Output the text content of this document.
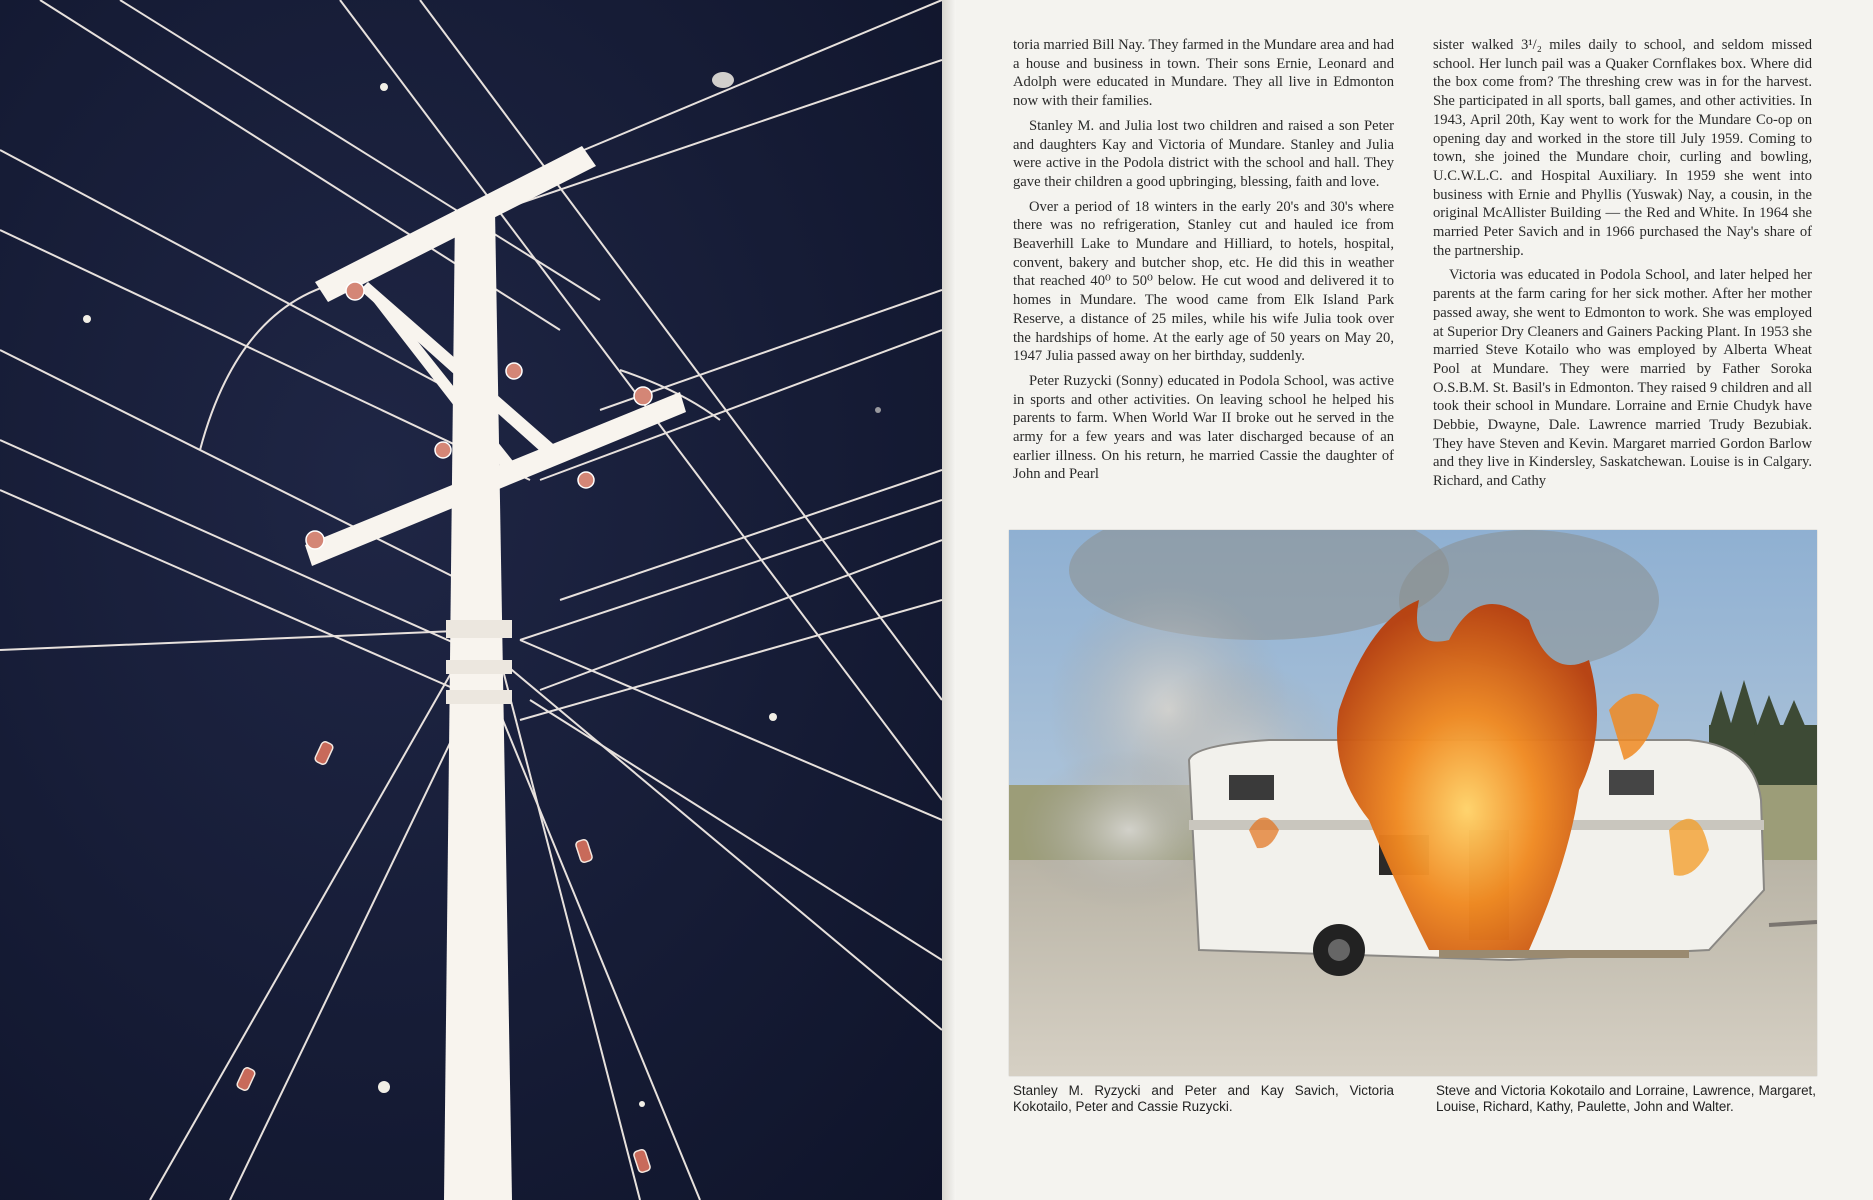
toria married Bill Nay. They farmed in the Mundare area and had a house and business in town. Their sons Ernie, Leonard and Adolph were educated in Mundare. They all live in Edmonton now with their families.

Stanley M. and Julia lost two children and raised a son Peter and daughters Kay and Victoria of Mundare. Stanley and Julia were active in the Podola district with the school and hall. They gave their children a good upbringing, blessing, faith and love.

Over a period of 18 winters in the early 20's and 30's where there was no refrigeration, Stanley cut and hauled ice from Beaverhill Lake to Mundare and Hilliard, to hotels, hospital, convent, bakery and butcher shop, etc. He did this in weather that reached 40⁰ to 50⁰ below. He cut wood and delivered it to homes in Mundare. The wood came from Elk Island Park Reserve, a distance of 25 miles, while his wife Julia took over the hardships of home. At the early age of 50 years on May 20, 1947 Julia passed away on her birthday, suddenly.

Peter Ruzycki (Sonny) educated in Podola School, was active in sports and other activities. On leaving school he helped his parents to farm. When World War II broke out he served in the army for a few years and was later discharged because of an earlier illness. On his return, he married Cassie the daughter of John and Pearl

sister walked 3¹/₂ miles daily to school, and seldom missed school. Her lunch pail was a Quaker Cornflakes box. Where did the box come from? The threshing crew was in for the harvest. She participated in all sports, ball games, and other activities. In 1943, April 20th, Kay went to work for the Mundare Co-op on opening day and worked in the store till July 1959. Coming to town, she joined the Mundare choir, curling and bowling, U.C.W.L.C. and Hospital Auxiliary. In 1959 she went into business with Ernie and Phyllis (Yuswak) Nay, a cousin, in the original McAllister Building — the Red and White. In 1964 she married Peter Savich and in 1966 purchased the Nay's share of the partnership.

Victoria was educated in Podola School, and later helped her parents at the farm caring for her sick mother. After her mother passed away, she went to Edmonton to work. She was employed at Superior Dry Cleaners and Gainers Packing Plant. In 1953 she married Steve Kotailo who was employed by Alberta Wheat Pool at Mundare. They were married by Father Soroka O.S.B.M. St. Basil's in Edmonton. They raised 9 children and all took their school in Mundare. Lorraine and Ernie Chudyk have Debbie, Dwayne, Dale. Lawrence married Trudy Bezubiak. They have Steven and Kevin. Margaret married Gordon Barlow and they live in Kindersley, Saskatchewan. Louise is in Calgary. Richard, and Cathy

Stanley M. Ryzycki and Peter and Kay Savich, Victoria Kokotailo, Peter and Cassie Ruzycki.
Steve and Victoria Kokotailo and Lorraine, Lawrence, Margaret, Louise, Richard, Kathy, Paulette, John and Walter.
